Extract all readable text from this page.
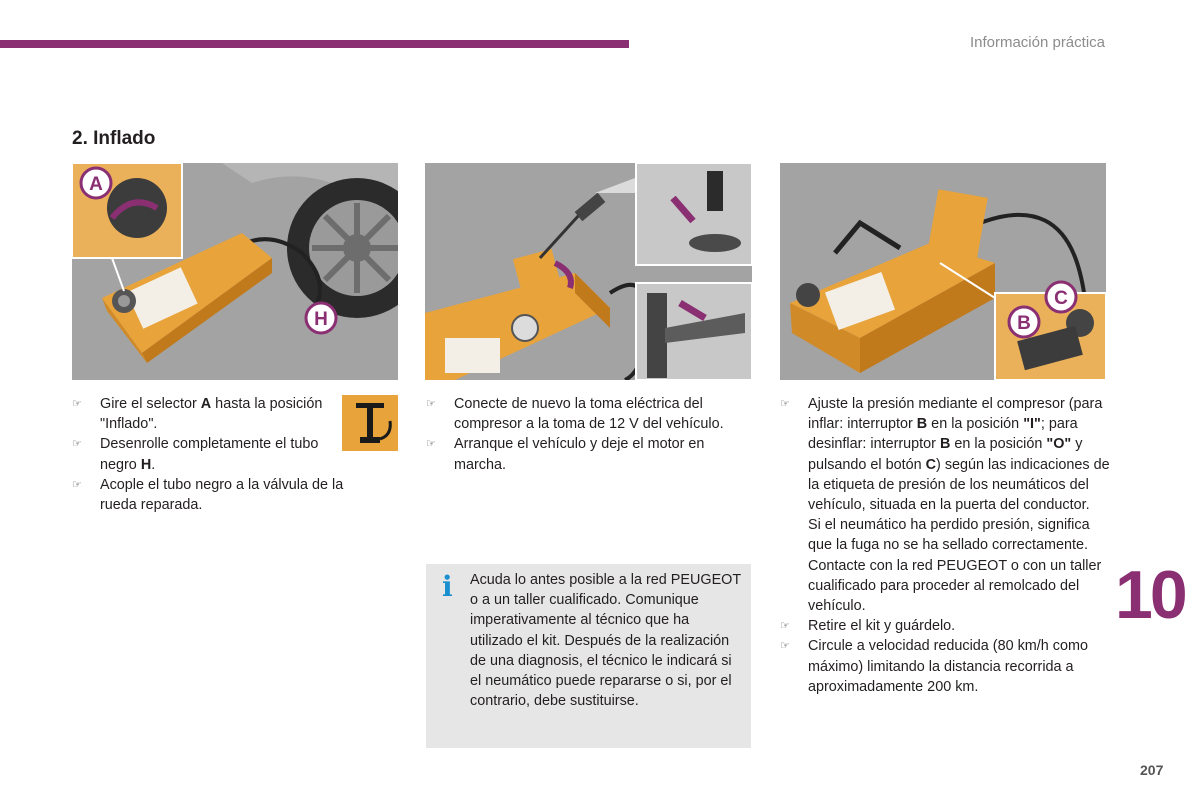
Información práctica
2. Inflado
A
H
C
B

☞	Gire el selector A hasta la posición "Inflado".

☞	Desenrolle completamente el tubo negro H.

☞	Acople el tubo negro a la válvula de la rueda reparada.

☞	Conecte de nuevo la toma eléctrica del compresor a la toma de 12 V del vehículo.

☞	Arranque el vehículo y deje el motor en marcha.

i Acuda lo antes posible a la red PEUGEOT o a un taller cualificado. Comunique imperativamente al técnico que ha utilizado el kit. Después de la realización de una diagnosis, el técnico le indicará si el neumático puede repararse o si, por el contrario, debe sustituirse.

☞	Ajuste la presión mediante el compresor (para inflar: interruptor B en la posición "I"; para desinflar: interruptor B en la posición "O" y pulsando el botón C) según las indicaciones de la etiqueta de presión de los neumáticos del vehículo, situada en la puerta del conductor.

Si el neumático ha perdido presión, significa que la fuga no se ha sellado correctamente. Contacte con la red PEUGEOT o con un taller cualificado para proceder al remolcado del vehículo.

☞	Retire el kit y guárdelo.

☞	Circule a velocidad reducida (80 km/h como máximo) limitando la distancia recorrida a aproximadamente 200 km.

10
207
